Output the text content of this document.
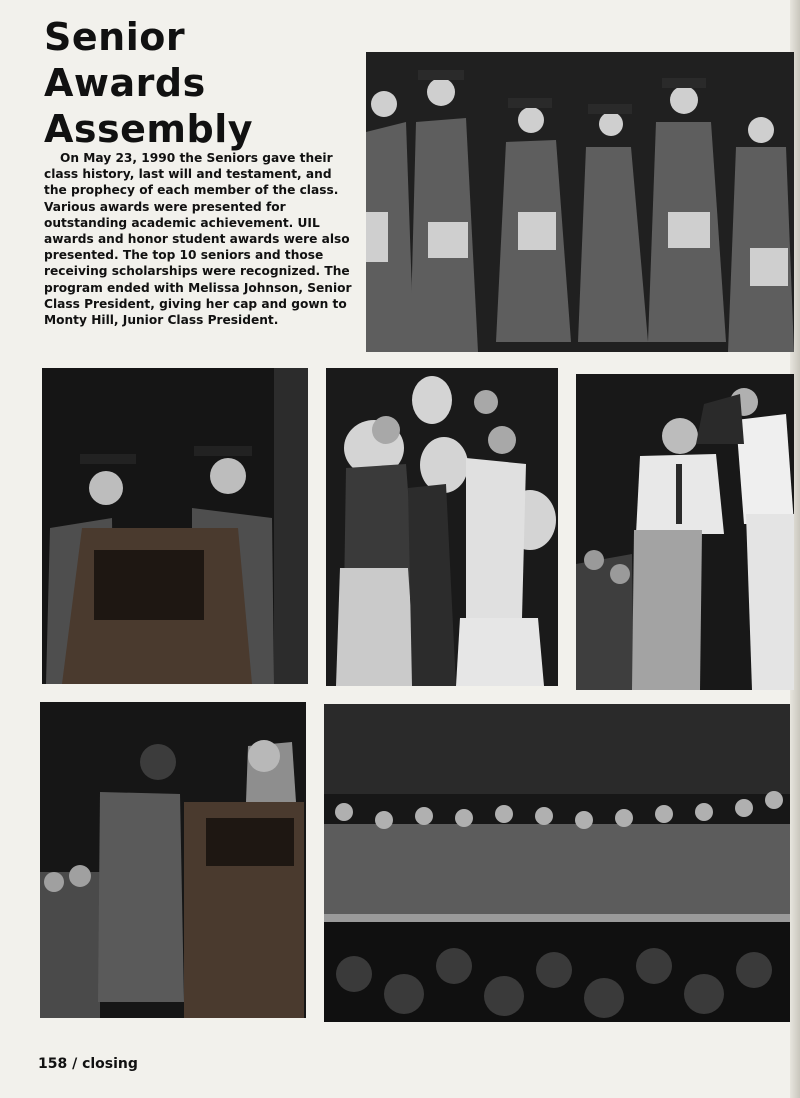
Senior
Awards
Assembly

On May 23, 1990 the Seniors gave their class history, last will and testament, and the prophecy of each member of the class. Various awards were presented for outstanding academic achievement. UIL awards and honor student awards were also presented. The top 10 seniors and those receiving scholarships were recognized. The program ended with Melissa Johnson, Senior Class President, giving her cap and gown to Monty Hill, Junior Class President.

158 / closing
